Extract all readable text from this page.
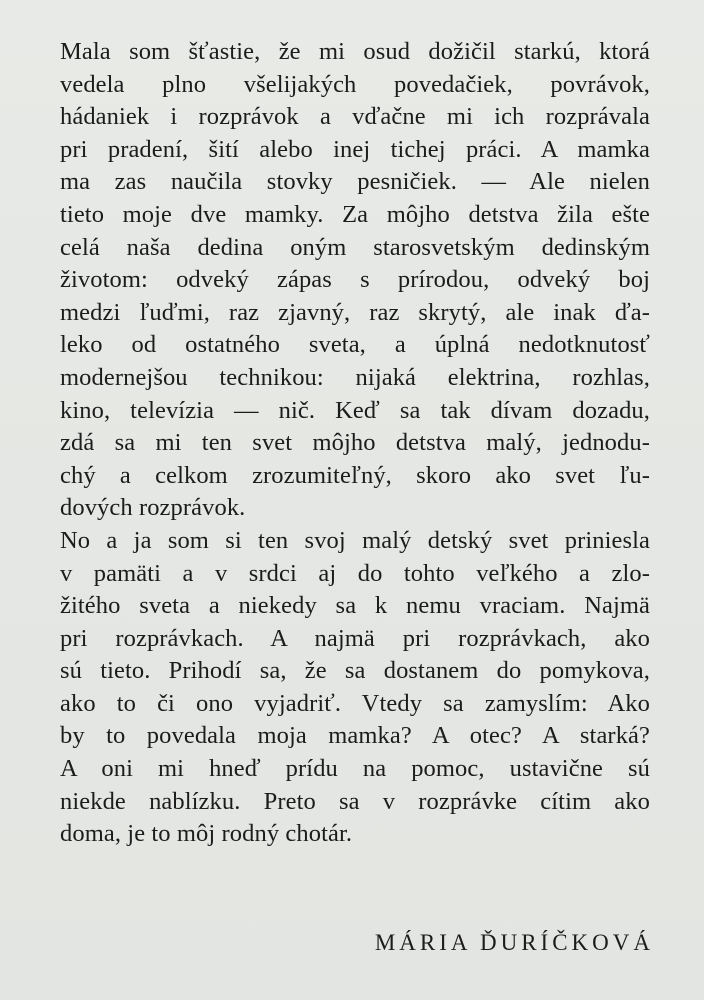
Mala som šťastie, že mi osud dožičil starkú, ktorá
vedela plno všelijakých povedačiek, povrávok,
hádaniek i rozprávok a vďačne mi ich rozprávala
pri pradení, šití alebo inej tichej práci. A mamka
ma zas naučila stovky pesničiek. — Ale nielen
tieto moje dve mamky. Za môjho detstva žila ešte
celá naša dedina oným starosvetským dedinským
životom: odveký zápas s prírodou, odveký boj
medzi ľuďmi, raz zjavný, raz skrytý, ale inak ďa-
leko od ostatného sveta, a úplná nedotknutosť
modernejšou technikou: nijaká elektrina, rozhlas,
kino, televízia — nič. Keď sa tak dívam dozadu,
zdá sa mi ten svet môjho detstva malý, jednodu-
chý a celkom zrozumiteľný, skoro ako svet ľu-
dových rozprávok.
No a ja som si ten svoj malý detský svet priniesla
v pamäti a v srdci aj do tohto veľkého a zlo-
žitého sveta a niekedy sa k nemu vraciam. Najmä
pri rozprávkach. A najmä pri rozprávkach, ako
sú tieto. Prihodí sa, že sa dostanem do pomykova,
ako to či ono vyjadriť. Vtedy sa zamyslím: Ako
by to povedala moja mamka? A otec? A starká?
A oni mi hneď prídu na pomoc, ustavične sú
niekde nablízku. Preto sa v rozprávke cítim ako
doma, je to môj rodný chotár.
MÁRIA ĎURÍČKOVÁ
